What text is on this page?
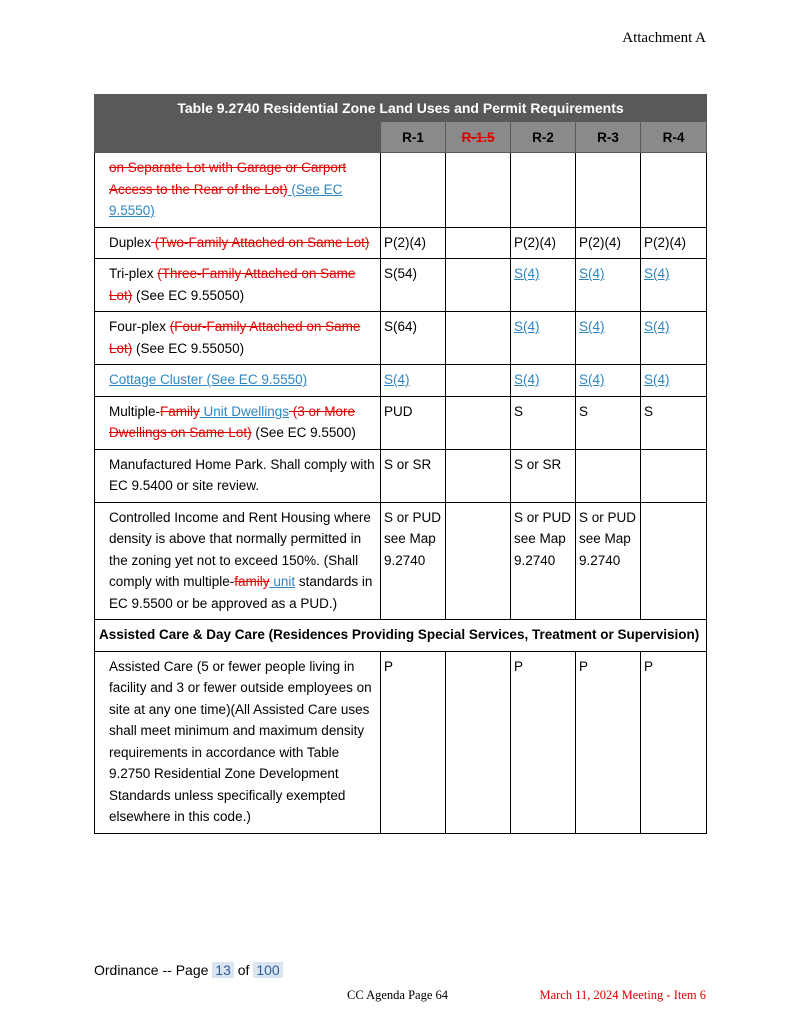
Attachment A
Table 9.2740 Residential Zone Land Uses and Permit Requirements					
	R-1	R-1.5	R-2	R-3	R-4
on Separate Lot with Garage or Carport Access to the Rear of the Lot) (See EC 9.5550)					
Duplex (Two-Family Attached on Same Lot)	P(2)(4)		P(2)(4)	P(2)(4)	P(2)(4)
Tri-plex (Three-Family Attached on Same Lot) (See EC 9.55050)	S(54)		S(4)	S(4)	S(4)
Four-plex (Four-Family Attached on Same Lot) (See EC 9.55050)	S(64)		S(4)	S(4)	S(4)
Cottage Cluster (See EC 9.5550)	S(4)		S(4)	S(4)	S(4)
Multiple-Family Unit Dwellings (3 or More Dwellings on Same Lot) (See EC 9.5500)	PUD		S	S	S
Manufactured Home Park. Shall comply with EC 9.5400 or site review.	S or SR		S or SR		
Controlled Income and Rent Housing where density is above that normally permitted in the zoning yet not to exceed 150%. (Shall comply with multiple-family unit standards in EC 9.5500 or be approved as a PUD.)	S or PUD see Map 9.2740		S or PUD see Map 9.2740	S or PUD see Map 9.2740	
Assisted Care & Day Care (Residences Providing Special Services, Treatment or Supervision)					
Assisted Care (5 or fewer people living in facility and 3 or fewer outside employees on site at any one time)(All Assisted Care uses shall meet minimum and maximum density requirements in accordance with Table 9.2750 Residential Zone Development Standards unless specifically exempted elsewhere in this code.)	P		P	P	P
Ordinance -- Page 13 of 100
CC Agenda Page 64	March 11, 2024 Meeting - Item 6
